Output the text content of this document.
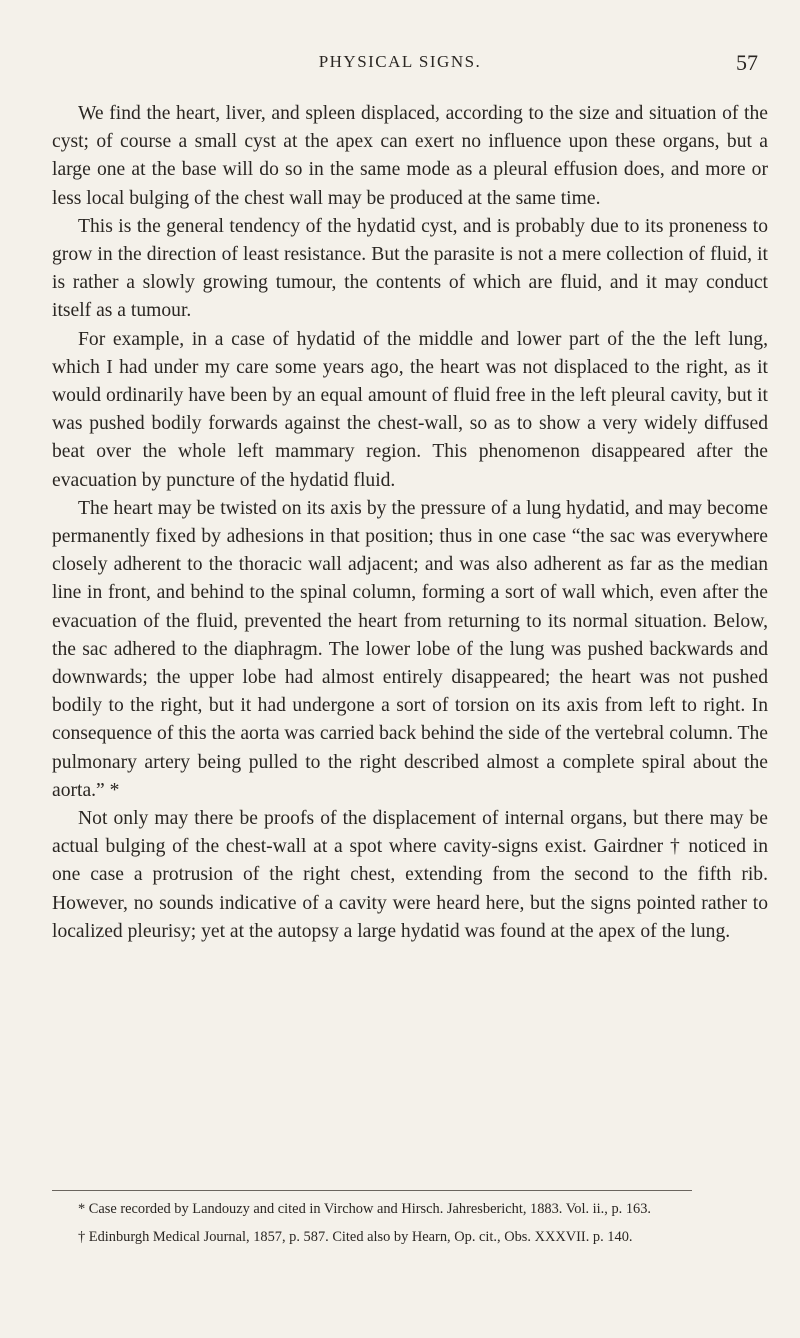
PHYSICAL SIGNS.	57

We find the heart, liver, and spleen displaced, according to the size and situation of the cyst; of course a small cyst at the apex can exert no influence upon these organs, but a large one at the base will do so in the same mode as a pleural effusion does, and more or less local bulging of the chest wall may be produced at the same time.

This is the general tendency of the hydatid cyst, and is probably due to its proneness to grow in the direction of least resistance. But the parasite is not a mere collection of fluid, it is rather a slowly growing tumour, the contents of which are fluid, and it may conduct itself as a tumour.

For example, in a case of hydatid of the middle and lower part of the the left lung, which I had under my care some years ago, the heart was not displaced to the right, as it would ordinarily have been by an equal amount of fluid free in the left pleural cavity, but it was pushed bodily forwards against the chest-wall, so as to show a very widely diffused beat over the whole left mammary region. This phenomenon disappeared after the evacuation by puncture of the hydatid fluid.

The heart may be twisted on its axis by the pressure of a lung hydatid, and may become permanently fixed by adhesions in that position; thus in one case “the sac was everywhere closely adherent to the thoracic wall adjacent; and was also adherent as far as the median line in front, and behind to the spinal column, forming a sort of wall which, even after the evacuation of the fluid, prevented the heart from returning to its normal situation. Below, the sac adhered to the diaphragm. The lower lobe of the lung was pushed backwards and downwards; the upper lobe had almost entirely disappeared; the heart was not pushed bodily to the right, but it had undergone a sort of torsion on its axis from left to right. In consequence of this the aorta was carried back behind the side of the vertebral column. The pulmonary artery being pulled to the right described almost a complete spiral about the aorta.” *

Not only may there be proofs of the displacement of internal organs, but there may be actual bulging of the chest-wall at a spot where cavity-signs exist. Gairdner † noticed in one case a protrusion of the right chest, extending from the second to the fifth rib. However, no sounds indicative of a cavity were heard here, but the signs pointed rather to localized pleurisy; yet at the autopsy a large hydatid was found at the apex of the lung.

* Case recorded by Landouzy and cited in Virchow and Hirsch. Jahresbericht, 1883. Vol. ii., p. 163.

† Edinburgh Medical Journal, 1857, p. 587. Cited also by Hearn, Op. cit., Obs. XXXVII. p. 140.
